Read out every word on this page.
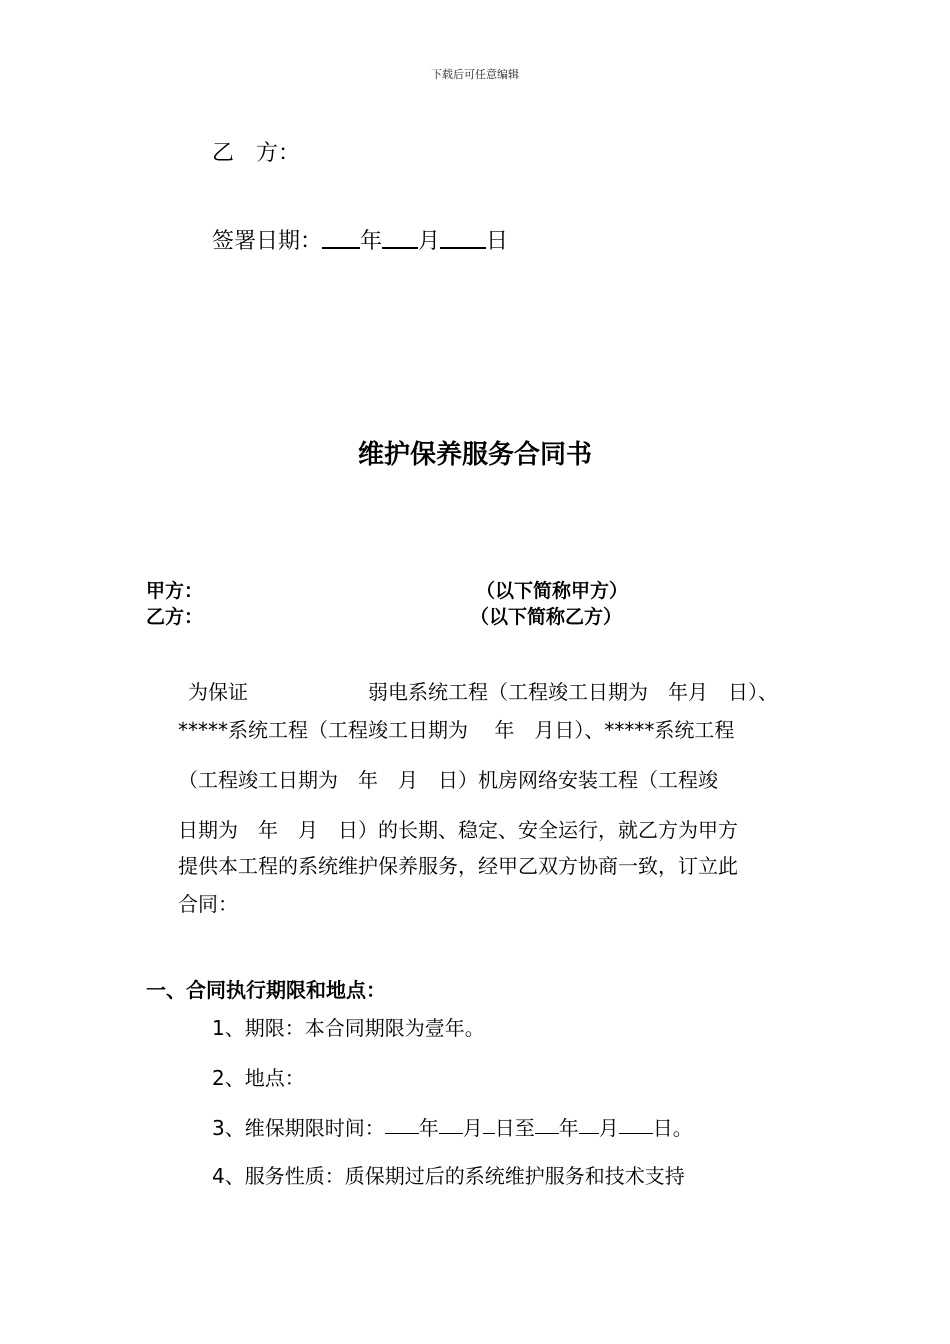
下载后可任意编辑
乙　方：
签署日期： 年 月 日
维护保养服务合同书
甲方：	（以下简称甲方）
乙方：	（以下简称乙方）
为保证　　　　　　弱电系统工程（工程竣工日期为　年月　日）、
*****系统工程（工程竣工日期为　 年　月日）、*****系统工程
（工程竣工日期为　年　月　日）机房网络安装工程（工程竣
日期为　年　月　日）的长期、稳定、安全运行，就乙方为甲方
提供本工程的系统维护保养服务，经甲乙双方协商一致，订立此
合同：
一、合同执行期限和地点：
1、期限：本合同期限为壹年。
2、地点：
3、维保期限时间： 年 月 日至 年 月 日。
4、服务性质：质保期过后的系统维护服务和技术支持
